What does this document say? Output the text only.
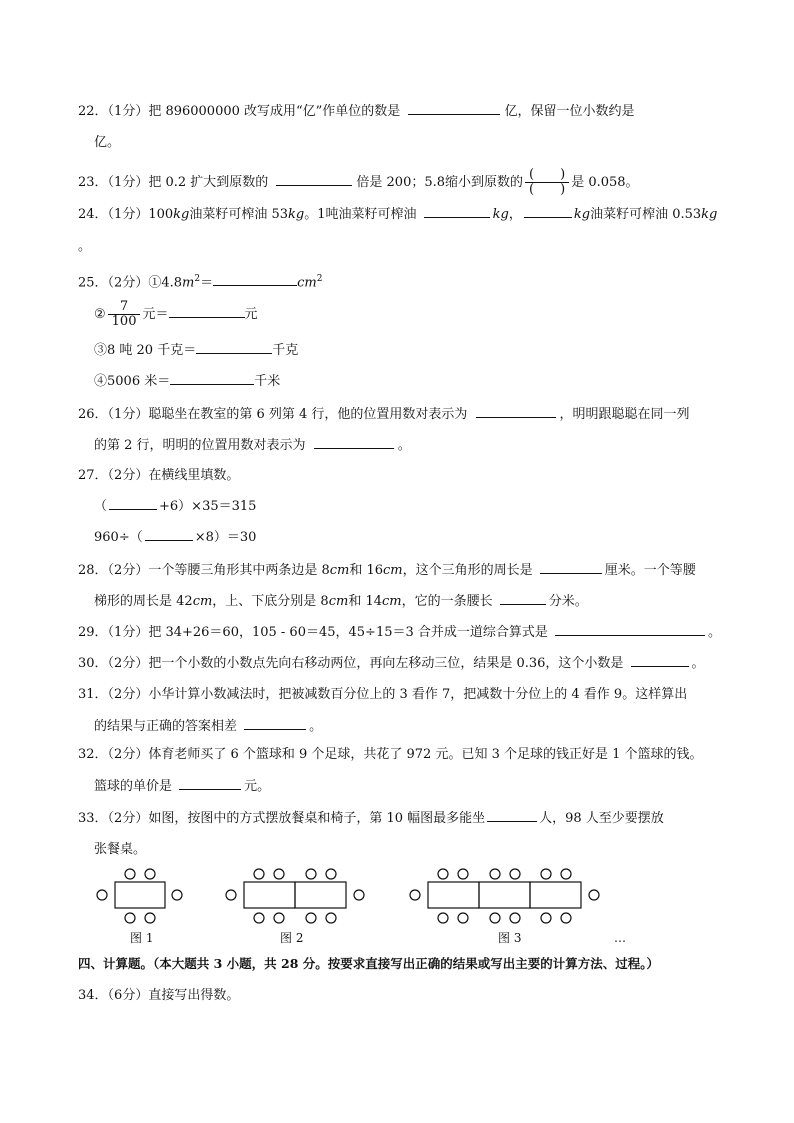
22．（1分）把 896000000 改写成用“亿”作单位的数是	亿，保留一位小数约是
亿。
23．（1分）把 0.2 扩大到原数的	倍是 200；5.8缩小到原数的 $\frac{( )}{( )}$ 是 0.058。
24．（1分）100kg油菜籽可榨油 53kg。1吨油菜籽可榨油	kg，	kg油菜籽可榨油 0.53kg
。
25．（2分）$①4.8m^2=$	$cm^2$
② $\frac{7}{100}$ 元＝	元
③8 吨 20 千克＝	千克
④5006 米＝	千米
26．（1分）聪聪坐在教室的第 6 列第 4 行，他的位置用数对表示为	，明明跟聪聪在同一列
的第 2 行，明明的位置用数对表示为	。
27．（2分）在横线里填数。
（	+6）×35＝315
960÷（	×8）＝30
28．（2分）一个等腰三角形其中两条边是 8cm和 16cm，这个三角形的周长是	厘米。一个等腰
梯形的周长是 42cm，上、下底分别是 8cm和 14cm，它的一条腰长	分米。
29．（1分）把 34+26＝60，105 - 60＝45，45÷15＝3 合并成一道综合算式是	。
30．（2分）把一个小数的小数点先向右移动两位，再向左移动三位，结果是 0.36，这个小数是	。
31．（2分）小华计算小数减法时，把被减数百分位上的 3 看作 7，把减数十分位上的 4 看作 9。这样算出
的结果与正确的答案相差	。
32．（2分）体育老师买了 6 个篮球和 9 个足球，共花了 972 元。已知 3 个足球的钱正好是 1 个篮球的钱。
篮球的单价是	元。
33．（2分）如图，按图中的方式摆放餐桌和椅子，第 10 幅图最多能坐	人，98 人至少要摆放
张餐桌。
图 1	图 2	图 3	…
四、计算题。（本大题共 3 小题，共 28 分。按要求直接写出正确的结果或写出主要的计算方法、过程。）
34．（6分）直接写出得数。
